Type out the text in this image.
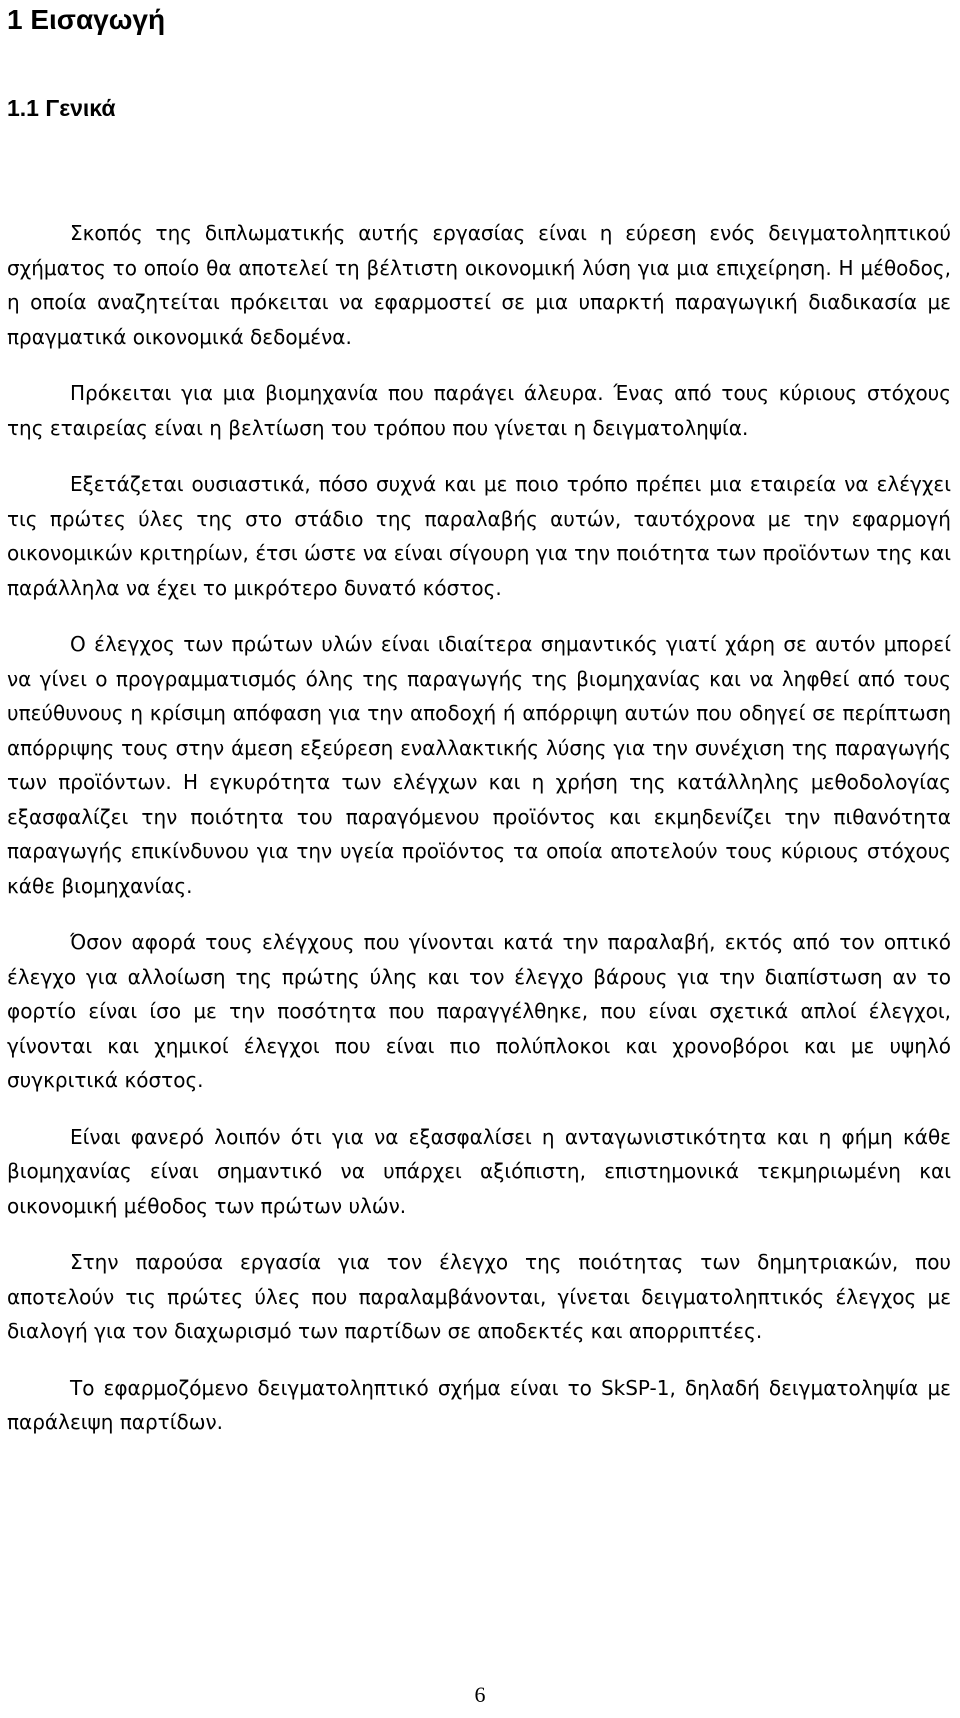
1 Εισαγωγή
1.1 Γενικά

Σκοπός της διπλωματικής αυτής εργασίας είναι η εύρεση ενός δειγματοληπτικού σχήματος το οποίο θα αποτελεί τη βέλτιστη οικονομική λύση για μια επιχείρηση. Η μέθοδος, η οποία αναζητείται πρόκειται να εφαρμοστεί σε μια υπαρκτή παραγωγική διαδικασία με πραγματικά οικονομικά δεδομένα.

Πρόκειται για μια βιομηχανία που παράγει άλευρα. Ένας από τους κύριους στόχους της εταιρείας είναι η βελτίωση του τρόπου που γίνεται η δειγματοληψία.

Εξετάζεται ουσιαστικά, πόσο συχνά και με ποιο τρόπο πρέπει μια εταιρεία να ελέγχει τις πρώτες ύλες της στο στάδιο της παραλαβής αυτών, ταυτόχρονα με την εφαρμογή οικονομικών κριτηρίων, έτσι ώστε να είναι σίγουρη για την ποιότητα των προϊόντων της και παράλληλα να έχει το μικρότερο δυνατό κόστος.

Ο έλεγχος των πρώτων υλών είναι ιδιαίτερα σημαντικός γιατί χάρη σε αυτόν μπορεί να γίνει ο προγραμματισμός όλης της παραγωγής της βιομηχανίας και να ληφθεί από τους υπεύθυνους η κρίσιμη απόφαση για την αποδοχή ή απόρριψη αυτών που οδηγεί σε περίπτωση απόρριψης τους στην άμεση εξεύρεση εναλλακτικής λύσης για την συνέχιση της παραγωγής των προϊόντων. Η εγκυρότητα των ελέγχων και η χρήση της κατάλληλης μεθοδολογίας εξασφαλίζει την ποιότητα του παραγόμενου προϊόντος και εκμηδενίζει την πιθανότητα παραγωγής επικίνδυνου για την υγεία προϊόντος τα οποία αποτελούν τους κύριους στόχους κάθε βιομηχανίας.

Όσον αφορά τους ελέγχους που γίνονται κατά την παραλαβή, εκτός από τον οπτικό έλεγχο για αλλοίωση της πρώτης ύλης και τον έλεγχο βάρους για την διαπίστωση αν το φορτίο είναι ίσο με την ποσότητα που παραγγέλθηκε, που είναι σχετικά απλοί έλεγχοι, γίνονται και χημικοί έλεγχοι που είναι πιο πολύπλοκοι και χρονοβόροι και με υψηλό συγκριτικά κόστος.

Είναι φανερό λοιπόν ότι για να εξασφαλίσει η ανταγωνιστικότητα και η φήμη κάθε βιομηχανίας είναι σημαντικό να υπάρχει αξιόπιστη, επιστημονικά τεκμηριωμένη και οικονομική μέθοδος των πρώτων υλών.

Στην παρούσα εργασία για τον έλεγχο της ποιότητας των δημητριακών, που αποτελούν τις πρώτες ύλες που παραλαμβάνονται, γίνεται δειγματοληπτικός έλεγχος με διαλογή για τον διαχωρισμό των παρτίδων σε αποδεκτές και απορριπτέες.

Το εφαρμοζόμενο δειγματοληπτικό σχήμα είναι το SkSP-1, δηλαδή δειγματοληψία με παράλειψη παρτίδων.

6
